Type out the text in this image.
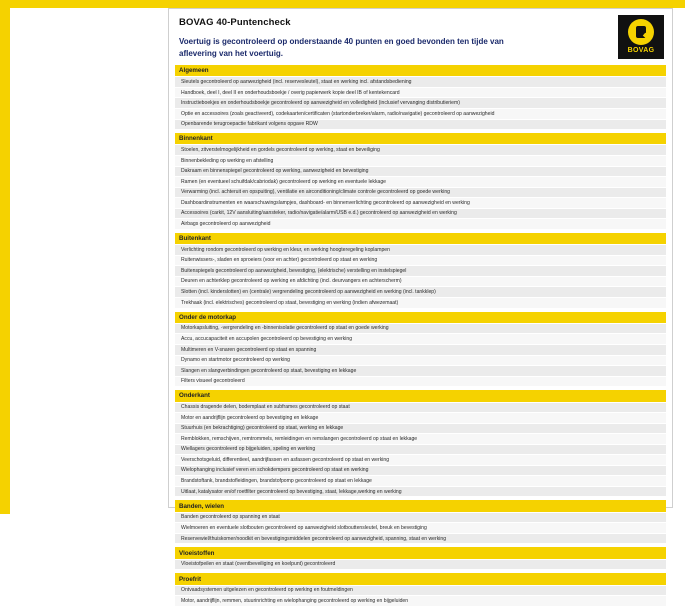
BOVAG 40-Puntencheck
Voertuig is gecontroleerd op onderstaande 40 punten en goed bevonden ten tijde van aflevering van het voertuig.	BOVAG
Algemeen
Sleutels gecontroleerd op aanwezigheid (incl. reservesleutel), staat en werking incl. afstandsbediening
Handboek, deel I, deel II en onderhoudsboekje / overig papierwerk kopie deel IB of kentekencard
Instructieboekjes en onderhoudsboekje gecontroleerd op aanwezigheid en volledigheid (inclusief vervanging distributieriem)
Optie en accessoires (zoals geactiveerd), codekaarten/certificaten (startonderbreker/alarm, radio/navigatie) gecontroleerd op aanwezigheid
Openbarende terugroepactie fabrikant volgens opgave RDW
Binnenkant
Stoelen, zitverstelmogelijkheid en gordels gecontroleerd op werking, staat en beveiliging
Binnenbekleding op werking en afstelling
Dakraam en binnenspiegel gecontroleerd op werking, aanwezigheid en bevestiging
Ramen (en eventueel schuifdak/cabriodak) gecontroleerd op werking en eventuele lekkage
Verwarming (incl. achteruit en opspuiting), ventilatie en airconditioning/climate controle gecontroleerd op goede werking
Dashboardinstrumenten en waarschuwingslampjes, dashboard- en binnenverlichting gecontroleerd op aanwezigheid en werking
Accessoires (carkit, 12V aansluiting/aansteker, radio/navigatie/alarm/USB e.d.) gecontroleerd op aanwezigheid en werking
Airbags gecontroleerd op aanwezigheid
Buitenkant
Verlichting rondom gecontroleerd op werking en kleur, en werking hoogteregeling koplampen
Ruitenwissers-, sladen en sproeiers (voor en achter) gecontroleerd op staat en werking
Buitenspiegels gecontroleerd op aanwezigheid, bevestiging, (elektrische) verstelling en instelspiegel
Deuren en achterklep gecontroleerd op werking en afdichting (incl. deurvangers en achterscherm)
Slotten (incl. kinderslotten) en (centrale) vergrendeling gecontroleerd op aanwezigheid en werking (incl. tankklep)
Trekhaak (incl. elektrisches) gecontroleerd op staat, bevestiging en werking (indien afwezemaat)
Onder de motorkap
Motorkapsluiting, -vergrendeling en -binnenisolatie gecontroleerd op staat en goede werking
Accu, accucapaciteit en accupolen gecontroleerd op bevestiging en werking
Multimeren en V-snaren gecontroleerd op staat en spanning
Dynamo en startmotor gecontroleerd op werking
Slangen en slangverbindingen gecontroleerd op staat, bevestiging en lekkage
Filters visueel gecontroleerd
Onderkant
Chassis dragende delen, bodemplaat en subframes gecontroleerd op staat
Motor en aandrijflijn gecontroleerd op bevestiging en lekkage
Stuurhuis (en bekrachtiging) gecontroleerd op staat, werking en lekkage
Remblokken, remschijven, remtrommels, remleidingen en remslangen gecontroleerd op staat en lekkage
Wiellagers gecontroleerd op bijgeluiden, speling en werking
Veerschotsgeluid, differentieel, aandrijfassen en asfassen gecontroleerd op staat en werking
Wielophanging inclusief veren en schokdempers gecontroleerd op staat en werking
Brandstoftank, brandstofleidingen, brandstofpomp gecontroleerd op staat en lekkage
Uitlaat, katalysator en/of roetfilter gecontroleerd op bevestiging, staat, lekkage,werking en werking
Banden, wielen
Banden gecontroleerd op spanning en staat
Wielmoeren en eventuele slotbouten gecontroleerd op aanwezigheid slotbouttensleutel, breuk en bevestiging
Reservewiel/thuiskomer/noodkit en bevestigingsmiddelen gecontroleerd op aanwezigheid, spanning, staat en werking
Vloeistoffen
Vloeistofpeilen en staat (oventbeveiliging en koelpunt) gecontroleerd
Proefrit
Ontvaadsystemen uitgelezen en gecontroleerd op werking en foutmeldingen
Motor, aandrijflijn, remmen, stuurinrichting en wielophanging gecontroleerd op werking en bijgeluiden
